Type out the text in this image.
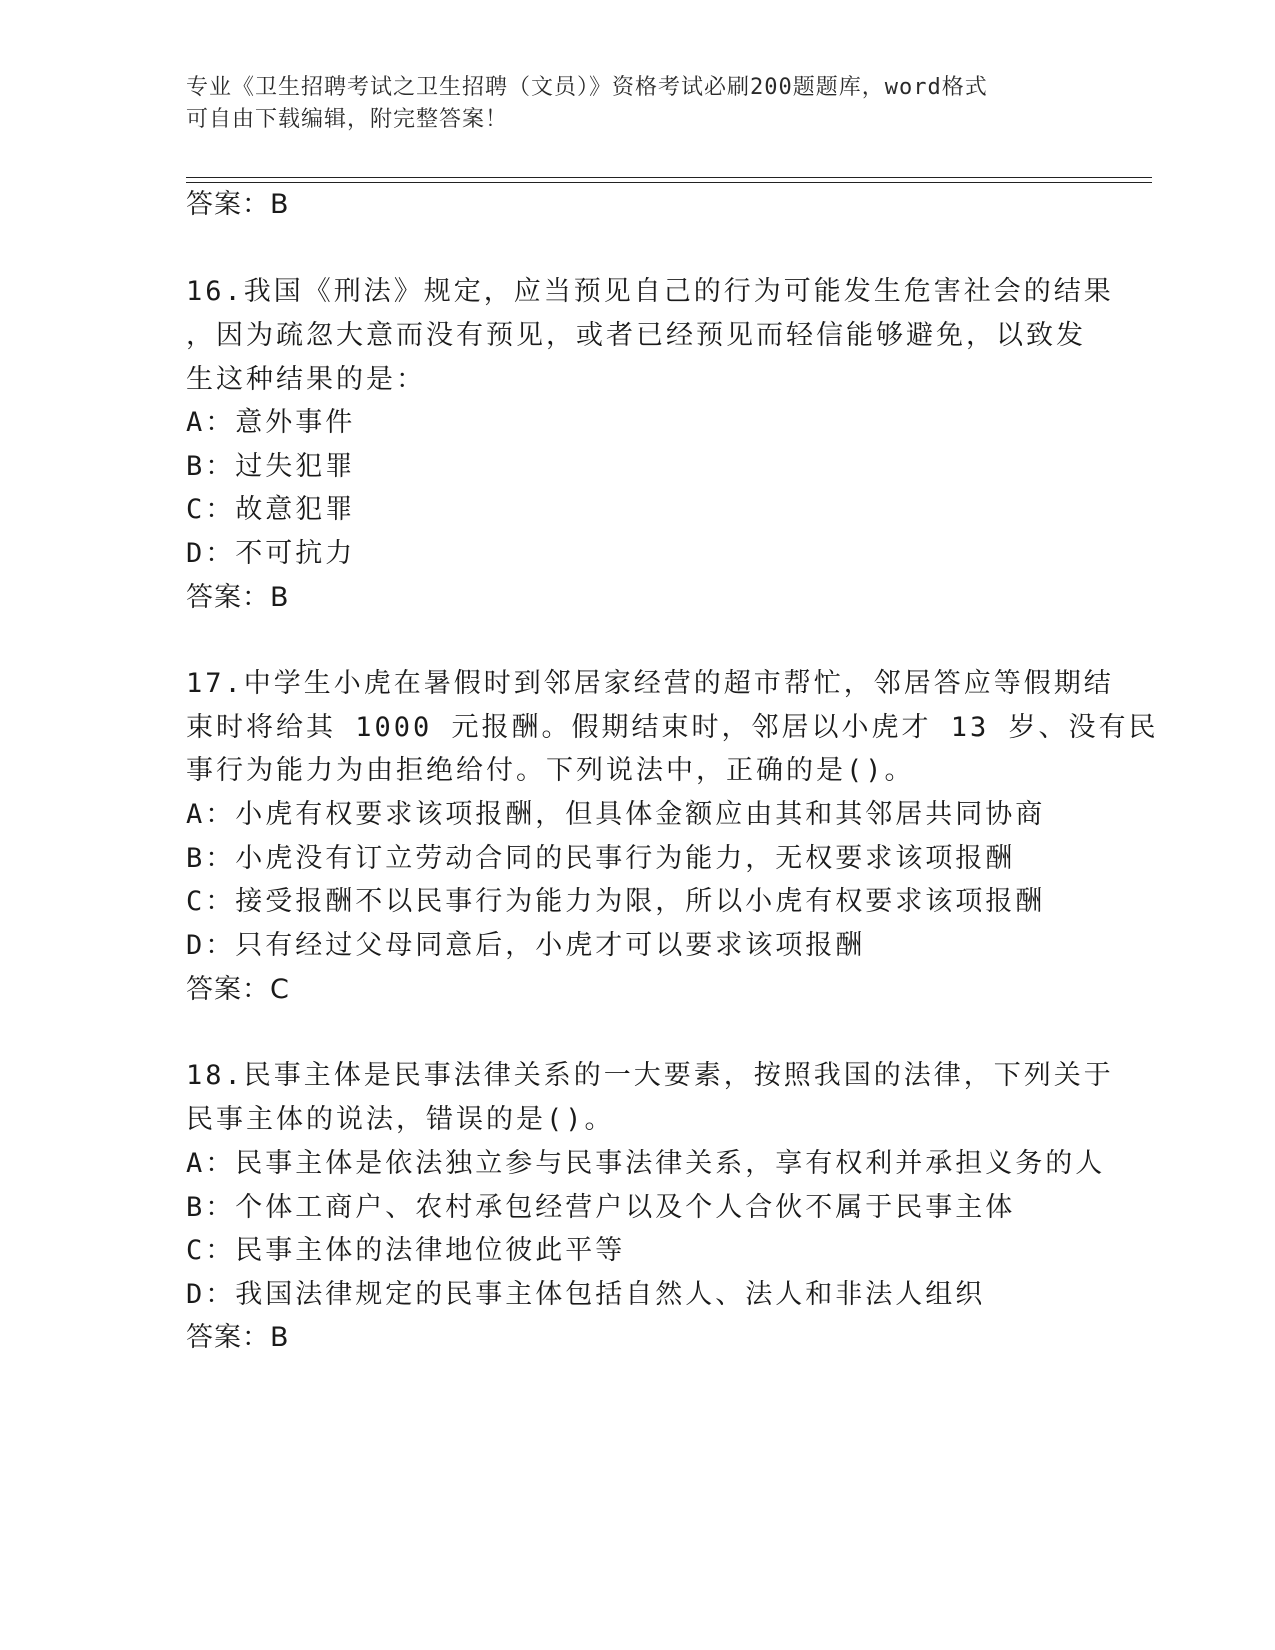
专业《卫生招聘考试之卫生招聘（文员）》资格考试必刷200题题库，word格式
可自由下载编辑，附完整答案！
答案：B
16.我国《刑法》规定，应当预见自己的行为可能发生危害社会的结果
，因为疏忽大意而没有预见，或者已经预见而轻信能够避免，以致发
生这种结果的是：
A：意外事件
B：过失犯罪
C：故意犯罪
D：不可抗力
答案：B
17.中学生小虎在暑假时到邻居家经营的超市帮忙，邻居答应等假期结
束时将给其 1000 元报酬。假期结束时，邻居以小虎才 13 岁、没有民
事行为能力为由拒绝给付。下列说法中，正确的是()。
A：小虎有权要求该项报酬，但具体金额应由其和其邻居共同协商
B：小虎没有订立劳动合同的民事行为能力，无权要求该项报酬
C：接受报酬不以民事行为能力为限，所以小虎有权要求该项报酬
D：只有经过父母同意后，小虎才可以要求该项报酬
答案：C
18.民事主体是民事法律关系的一大要素，按照我国的法律，下列关于
民事主体的说法，错误的是()。
A：民事主体是依法独立参与民事法律关系，享有权利并承担义务的人
B：个体工商户、农村承包经营户以及个人合伙不属于民事主体
C：民事主体的法律地位彼此平等
D：我国法律规定的民事主体包括自然人、法人和非法人组织
答案：B
